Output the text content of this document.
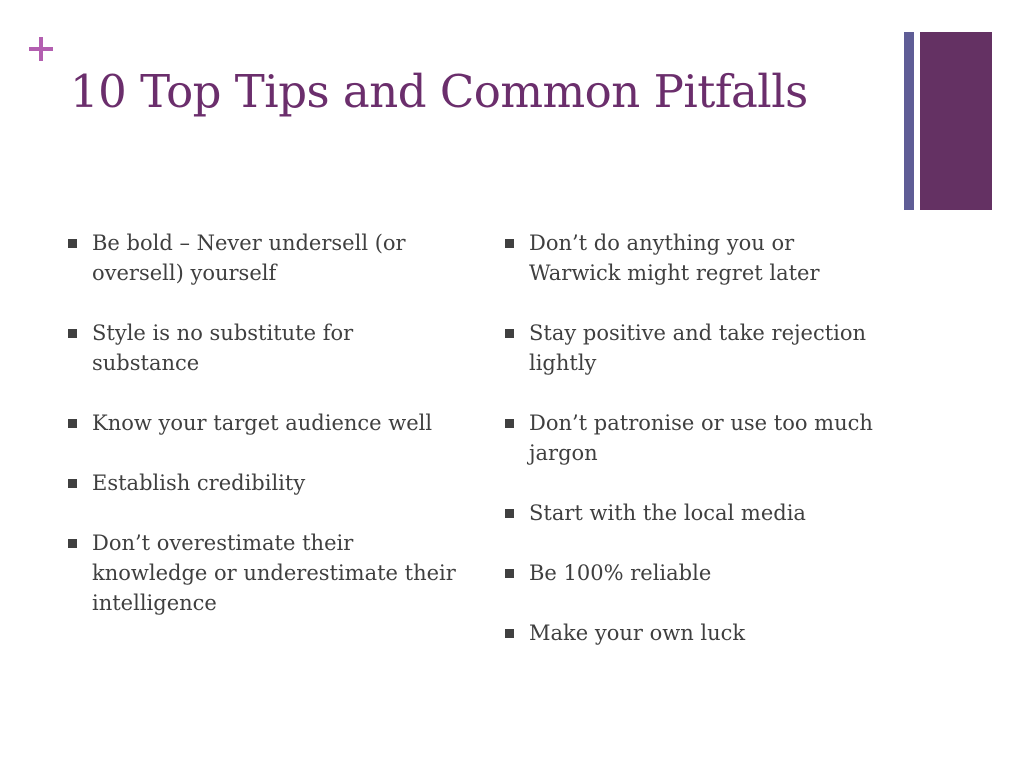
10 Top Tips and Common Pitfalls
Be bold – Never undersell (or oversell) yourself
Style is no substitute for substance
Know your target audience well
Establish credibility
Don’t overestimate their knowledge or underestimate their intelligence
Don’t do anything you or Warwick might regret later
Stay positive and take rejection lightly
Don’t patronise or use too much jargon
Start with the local media
Be 100% reliable
Make your own luck
